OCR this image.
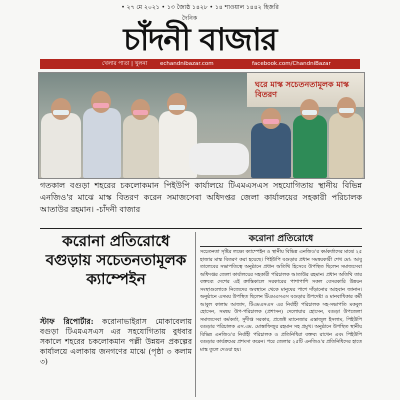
• ২৭ মে ২০২১ • ১৩ জ্যৈষ্ঠ ১৪২৮ • ১৪ শাওয়াল ১৪৪২ হিজরি
দৈনিক
চাঁদনী বাজার
খেলার পাতা | খুলনা echandnibazar.com	facebook.com/ChandniBazar
ঘরে মাস্ক সচেতনতামূলক মাস্ক বিতরণ
গতকাল বগুড়া শহরের চকলোকমান পিইউপি কার্যালয়ে টিএমএসএস সহযোগিতায় স্থানীয় বিভিন্ন এনজিও'র মাঝে মাস্ক বিতরণ করেন সমাজসেবা অধিদপ্তর জেলা কার্যালয়ের সহকারী পরিচালক আতাউর রহমান। -চাঁদনী বাজার
করোনা প্রতিরোধে
বগুড়ায় সচেতনতামূলক
ক্যাম্পেইন
স্টাফ রিপোর্টার: করোনাভাইরাস মোকাবেলায় বগুড়া টিএমএসএস এর সহযোগিতায় বুধবার সকালে শহরের চকলোকমান পল্লী উন্নয়ন প্রকল্পের কার্যালয়ে এলাকায় জনগণের মাঝে (পৃষ্ঠা ৩ কলাম ৩)
করোনা প্রতিরোধে
সচেতনতা সৃষ্টির লক্ষ্যে ক্যাম্পেইন ও স্থানীয় বিভিন্ন এনজিও'র কর্মকর্তাদের মাঝে ২৫ হাজার মাস্ক বিতরণ করা হয়েছে। পিইউপি বগুড়ার প্রধান সমন্বয়কারী শেখ মো: আবু তালেবের সভাপতিত্বে অনুষ্ঠানে প্রধান অতিথি হিসেবে উপস্থিত ছিলেন সমাজসেবা অধিদপ্তর জেলা কার্যালয়ের সহকারী পরিচালক আতাউর রহমান। প্রধান অতিথি তার বক্তব্যে দেশের এই ক্রান্তিকালে সরকারের পাশাপাশি সকল বেসরকারি উন্নয়ন সংস্থাগুলোকে নিজেদের অবস্থানে থেকে মানুষের পাশে দাঁড়ানোর আহবান জানান। অনুষ্ঠানে এসময় উপস্থিত ছিলেন টিএমএসএস বগুড়ার উপদেষ্টা ও মানবাধিকার কর্মী আবুল কালাম আজাদ, টিএমএসএস এর নির্বাহী পরিচালক সহ-সভাপতি মকবুল হোসেন, সমন্বয় উপ-পরিচালক (প্রশাসন) দেলোয়ার হোসেন, বগুড়া উপজেলা সমাজসেবা কর্মকর্তা, সুদীপ্ত সরকার, প্রজেক্ট ম্যানেজার এন্তাজুল ইসলাম, পিইউপি বগুড়ার পরিচালক এস.এম. মোস্তাফিজুর রহমান সহ প্রমুখ। অনুষ্ঠানে উপস্থিত স্থানীয় বিভিন্ন এনজিও'র নির্বাহী পরিচালক ও প্রতিনিধিরা বক্তব্য রাখেন এবং পিইউপি বগুড়ার কার্যক্রমের প্রশংসা করেন। পরে জেলার ২৫টি এনজিও'র প্রতিনিধিদের হাতে মাস্ক তুলে দেওয়া হয়।
